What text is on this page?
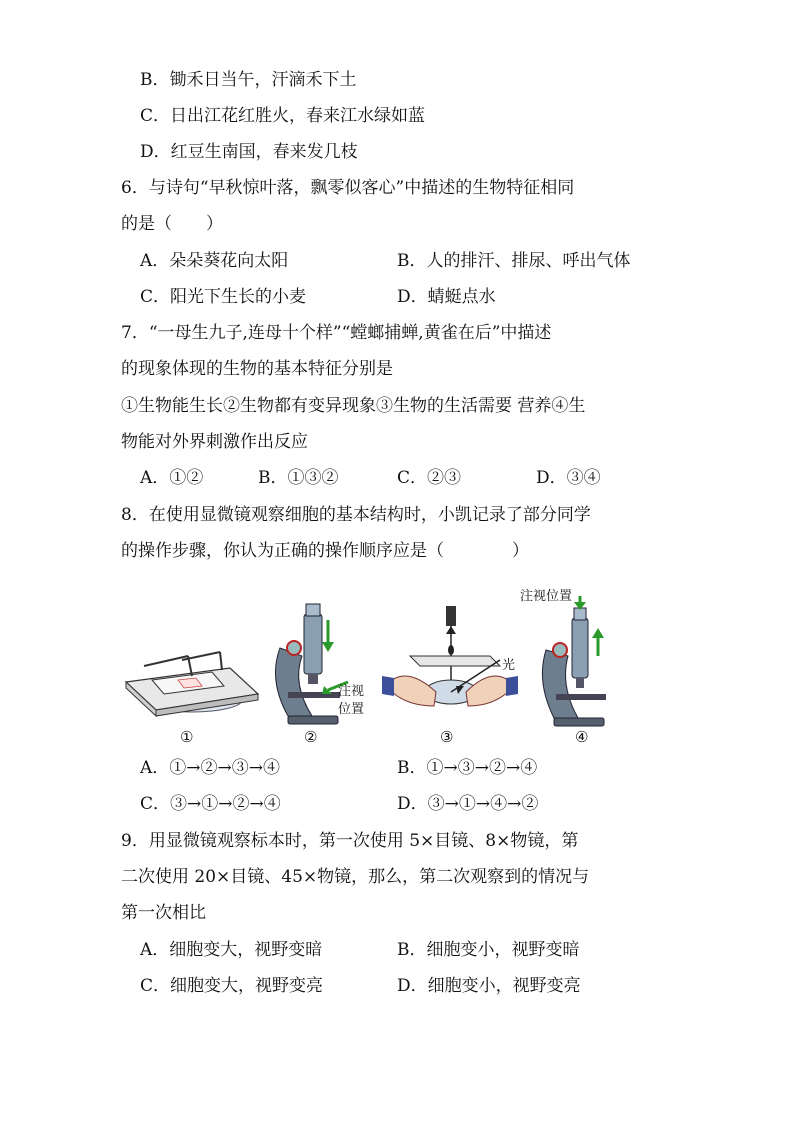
B．锄禾日当午，汗滴禾下土
C．日出江花红胜火，春来江水绿如蓝
D．红豆生南国，春来发几枝
6．与诗句“早秋惊叶落，飘零似客心”中描述的生物特征相同
的是（　　）
A．朵朵葵花向太阳	B．人的排汗、排尿、呼出气体
C．阳光下生长的小麦	D．蜻蜓点水
7．“一母生九子,连母十个样”“螳螂捕蝉,黄雀在后”中描述
的现象体现的生物的基本特征分别是
①生物能生长②生物都有变异现象③生物的生活需要 营养④生
物能对外界刺激作出反应
A．①②	B．①③②	C．②③	D．③④
8．在使用显微镜观察细胞的基本结构时，小凯记录了部分同学
的操作步骤，你认为正确的操作顺序应是（　　　　）
①
注视
位置
②
光
③
注视位置
④
A．①→②→③→④	B．①→③→②→④
C．③→①→②→④	D．③→①→④→②
9．用显微镜观察标本时，第一次使用 5×目镜、8×物镜，第
二次使用 20×目镜、45×物镜，那么，第二次观察到的情况与
第一次相比
A．细胞变大，视野变暗	B．细胞变小，视野变暗
C．细胞变大，视野变亮	D．细胞变小，视野变亮
